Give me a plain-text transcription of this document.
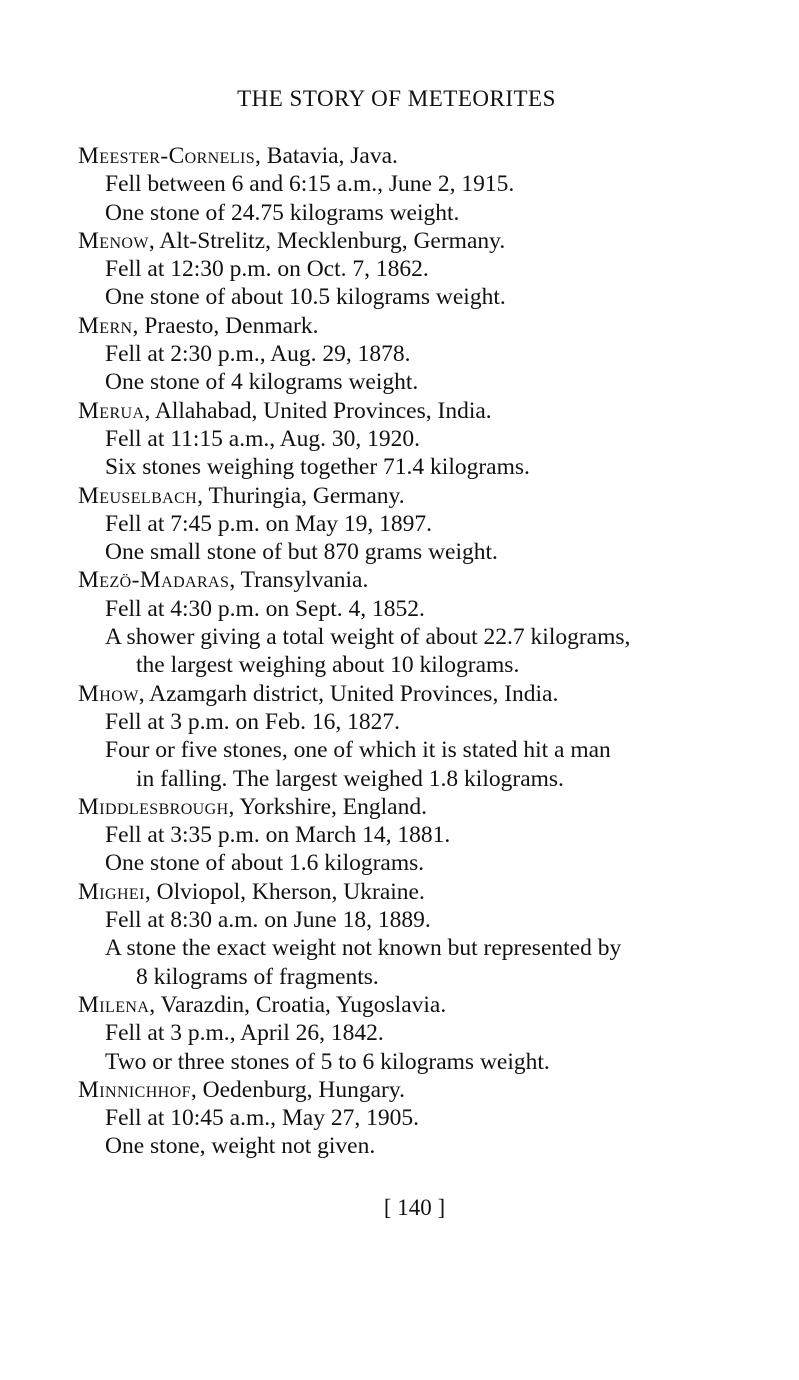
THE STORY OF METEORITES
Meester-Cornelis, Batavia, Java.
Fell between 6 and 6:15 a.m., June 2, 1915.
One stone of 24.75 kilograms weight.
Menow, Alt-Strelitz, Mecklenburg, Germany.
Fell at 12:30 p.m. on Oct. 7, 1862.
One stone of about 10.5 kilograms weight.
Mern, Praesto, Denmark.
Fell at 2:30 p.m., Aug. 29, 1878.
One stone of 4 kilograms weight.
Merua, Allahabad, United Provinces, India.
Fell at 11:15 a.m., Aug. 30, 1920.
Six stones weighing together 71.4 kilograms.
Meuselbach, Thuringia, Germany.
Fell at 7:45 p.m. on May 19, 1897.
One small stone of but 870 grams weight.
Mezö-Madaras, Transylvania.
Fell at 4:30 p.m. on Sept. 4, 1852.
A shower giving a total weight of about 22.7 kilograms,
the largest weighing about 10 kilograms.
Mhow, Azamgarh district, United Provinces, India.
Fell at 3 p.m. on Feb. 16, 1827.
Four or five stones, one of which it is stated hit a man
in falling. The largest weighed 1.8 kilograms.
Middlesbrough, Yorkshire, England.
Fell at 3:35 p.m. on March 14, 1881.
One stone of about 1.6 kilograms.
Mighei, Olviopol, Kherson, Ukraine.
Fell at 8:30 a.m. on June 18, 1889.
A stone the exact weight not known but represented by
8 kilograms of fragments.
Milena, Varazdin, Croatia, Yugoslavia.
Fell at 3 p.m., April 26, 1842.
Two or three stones of 5 to 6 kilograms weight.
Minnichhof, Oedenburg, Hungary.
Fell at 10:45 a.m., May 27, 1905.
One stone, weight not given.
[ 140 ]
